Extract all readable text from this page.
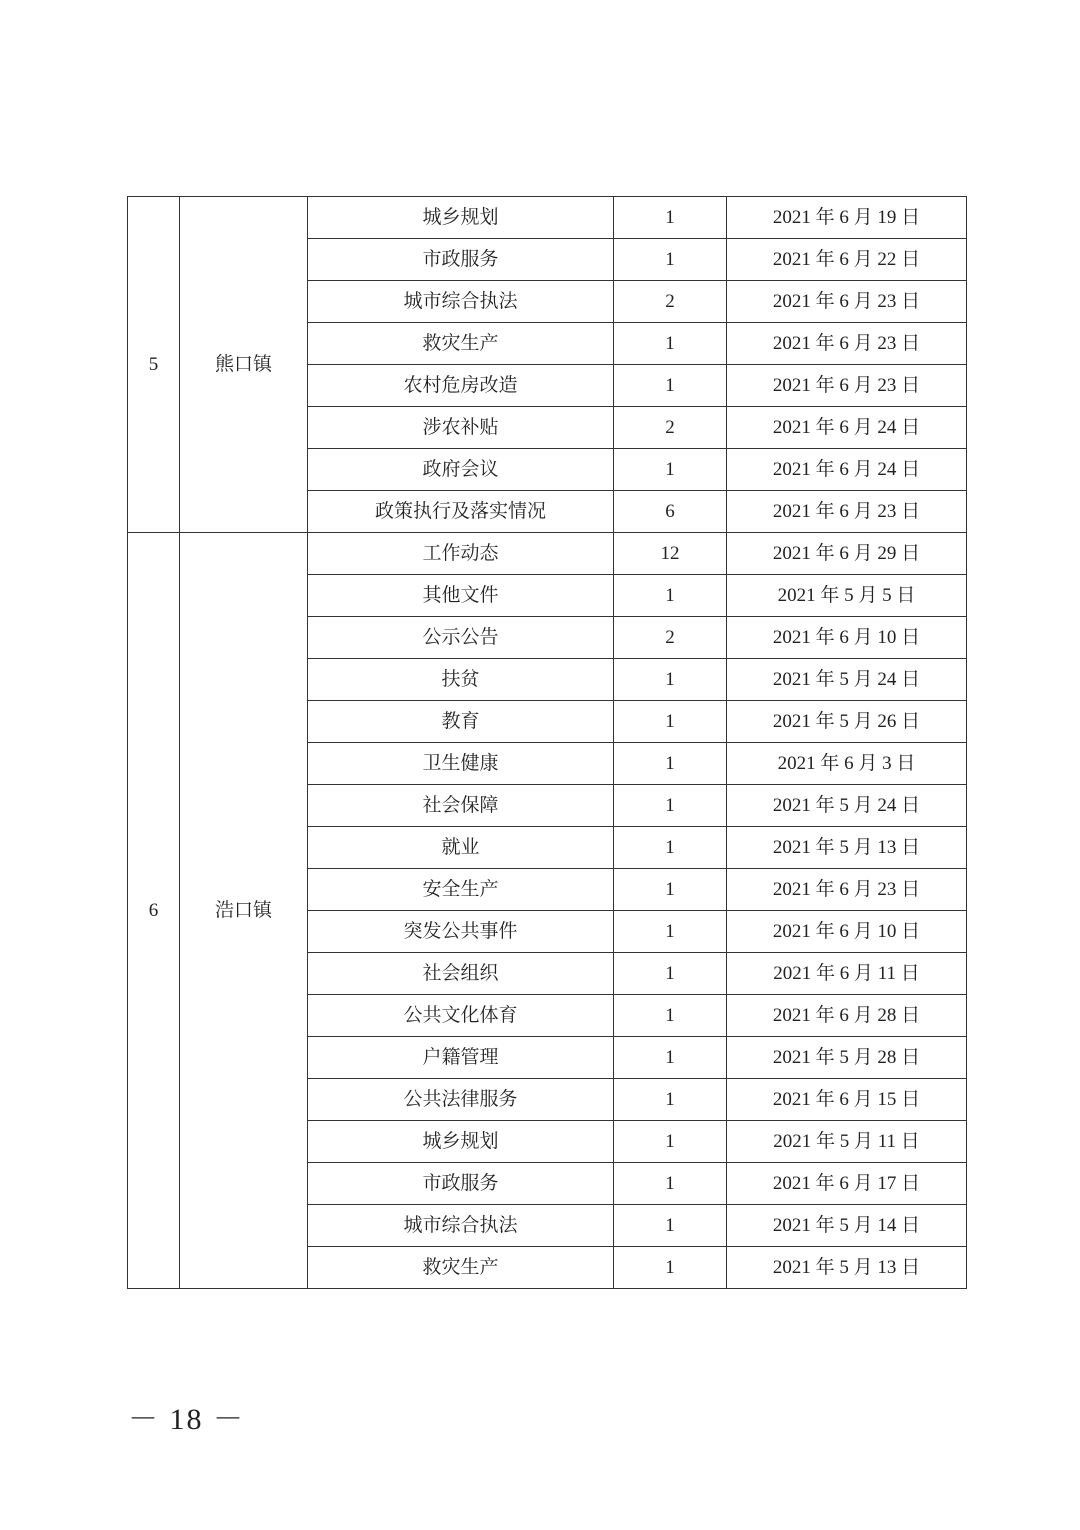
5	熊口镇	城乡规划	1	2021 年 6 月 19 日
		市政服务	1	2021 年 6 月 22 日
		城市综合执法	2	2021 年 6 月 23 日
		救灾生产	1	2021 年 6 月 23 日
		农村危房改造	1	2021 年 6 月 23 日
		涉农补贴	2	2021 年 6 月 24 日
		政府会议	1	2021 年 6 月 24 日
		政策执行及落实情况	6	2021 年 6 月 23 日
6	浩口镇	工作动态	12	2021 年 6 月 29 日
		其他文件	1	2021 年 5 月 5 日
		公示公告	2	2021 年 6 月 10 日
		扶贫	1	2021 年 5 月 24 日
		教育	1	2021 年 5 月 26 日
		卫生健康	1	2021 年 6 月 3 日
		社会保障	1	2021 年 5 月 24 日
		就业	1	2021 年 5 月 13 日
		安全生产	1	2021 年 6 月 23 日
		突发公共事件	1	2021 年 6 月 10 日
		社会组织	1	2021 年 6 月 11 日
		公共文化体育	1	2021 年 6 月 28 日
		户籍管理	1	2021 年 5 月 28 日
		公共法律服务	1	2021 年 6 月 15 日
		城乡规划	1	2021 年 5 月 11 日
		市政服务	1	2021 年 6 月 17 日
		城市综合执法	1	2021 年 5 月 14 日
		救灾生产	1	2021 年 5 月 13 日
－ 18 －
